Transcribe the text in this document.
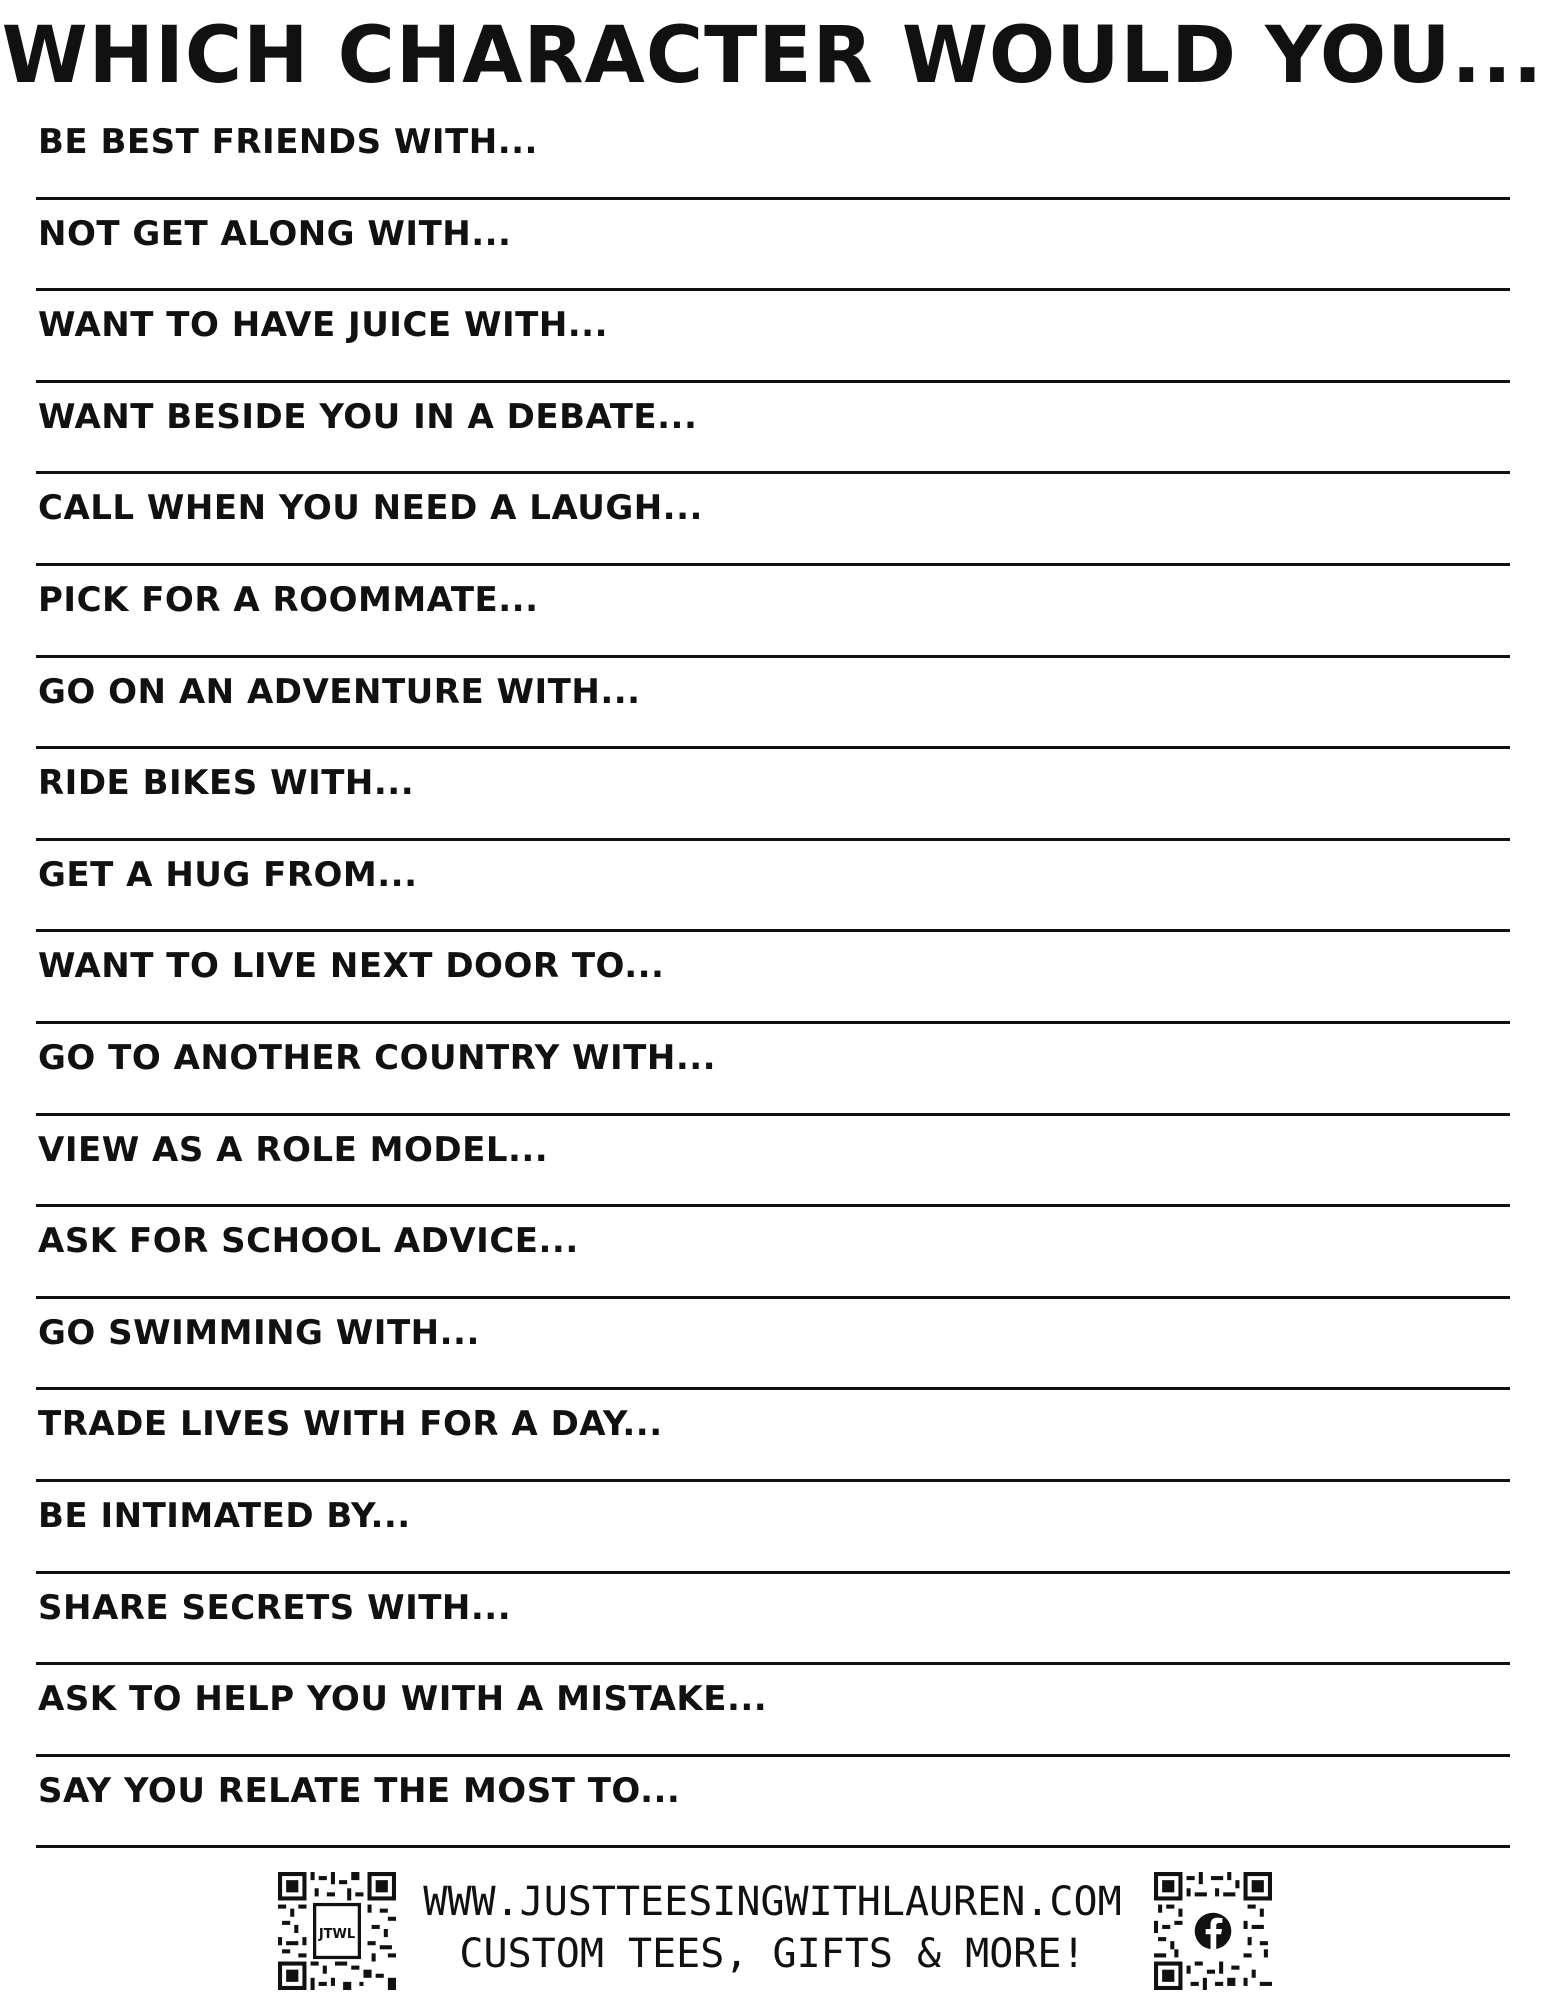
WHICH CHARACTER WOULD YOU...
BE BEST FRIENDS WITH...
NOT GET ALONG WITH...
WANT TO HAVE JUICE WITH...
WANT BESIDE YOU IN A DEBATE...
CALL WHEN YOU NEED A LAUGH...
PICK FOR A ROOMMATE...
GO ON AN ADVENTURE WITH...
RIDE BIKES WITH...
GET A HUG FROM...
WANT TO LIVE NEXT DOOR TO...
GO TO ANOTHER COUNTRY WITH...
VIEW AS A ROLE MODEL...
ASK FOR SCHOOL ADVICE...
GO SWIMMING WITH...
TRADE LIVES WITH FOR A DAY...
BE INTIMATED BY...
SHARE SECRETS WITH...
ASK TO HELP YOU WITH A MISTAKE...
SAY YOU RELATE THE MOST TO...
JTWL
WWW.JUSTTEESINGWITHLAUREN.COM
CUSTOM TEES, GIFTS & MORE!
